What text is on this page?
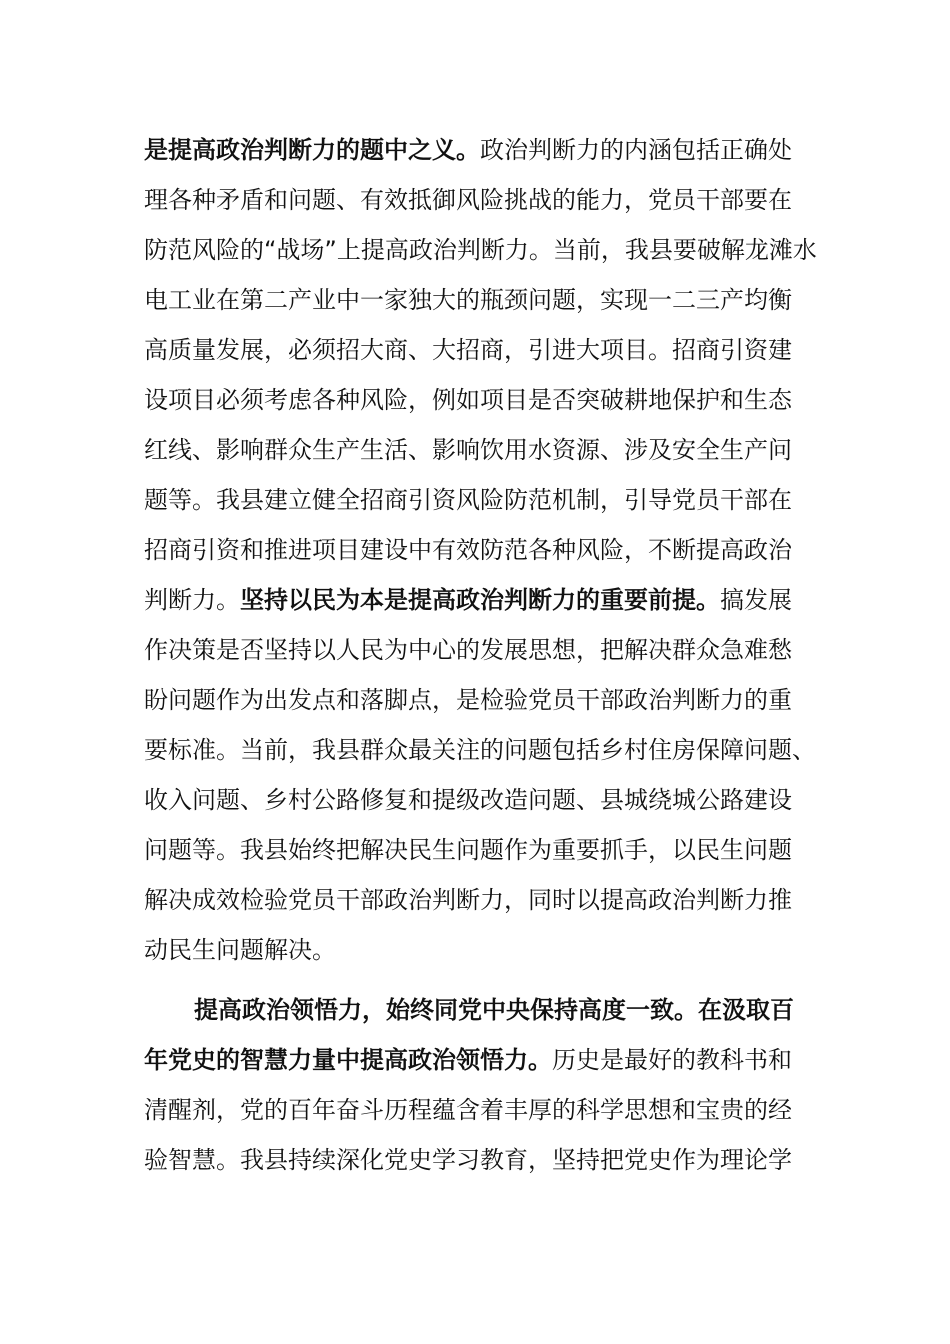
是提高政治判断力的题中之义。政治判断力的内涵包括正确处
理各种矛盾和问题、有效抵御风险挑战的能力，党员干部要在
防范风险的“战场”上提高政治判断力。当前，我县要破解龙滩水
电工业在第二产业中一家独大的瓶颈问题，实现一二三产均衡
高质量发展，必须招大商、大招商，引进大项目。招商引资建
设项目必须考虑各种风险，例如项目是否突破耕地保护和生态
红线、影响群众生产生活、影响饮用水资源、涉及安全生产问
题等。我县建立健全招商引资风险防范机制，引导党员干部在
招商引资和推进项目建设中有效防范各种风险，不断提高政治
判断力。坚持以民为本是提高政治判断力的重要前提。搞发展
作决策是否坚持以人民为中心的发展思想，把解决群众急难愁
盼问题作为出发点和落脚点，是检验党员干部政治判断力的重
要标准。当前，我县群众最关注的问题包括乡村住房保障问题、
收入问题、乡村公路修复和提级改造问题、县城绕城公路建设
问题等。我县始终把解决民生问题作为重要抓手，以民生问题
解决成效检验党员干部政治判断力，同时以提高政治判断力推
动民生问题解决。
提高政治领悟力，始终同党中央保持高度一致。在汲取百
年党史的智慧力量中提高政治领悟力。历史是最好的教科书和
清醒剂，党的百年奋斗历程蕴含着丰厚的科学思想和宝贵的经
验智慧。我县持续深化党史学习教育，坚持把党史作为理论学
